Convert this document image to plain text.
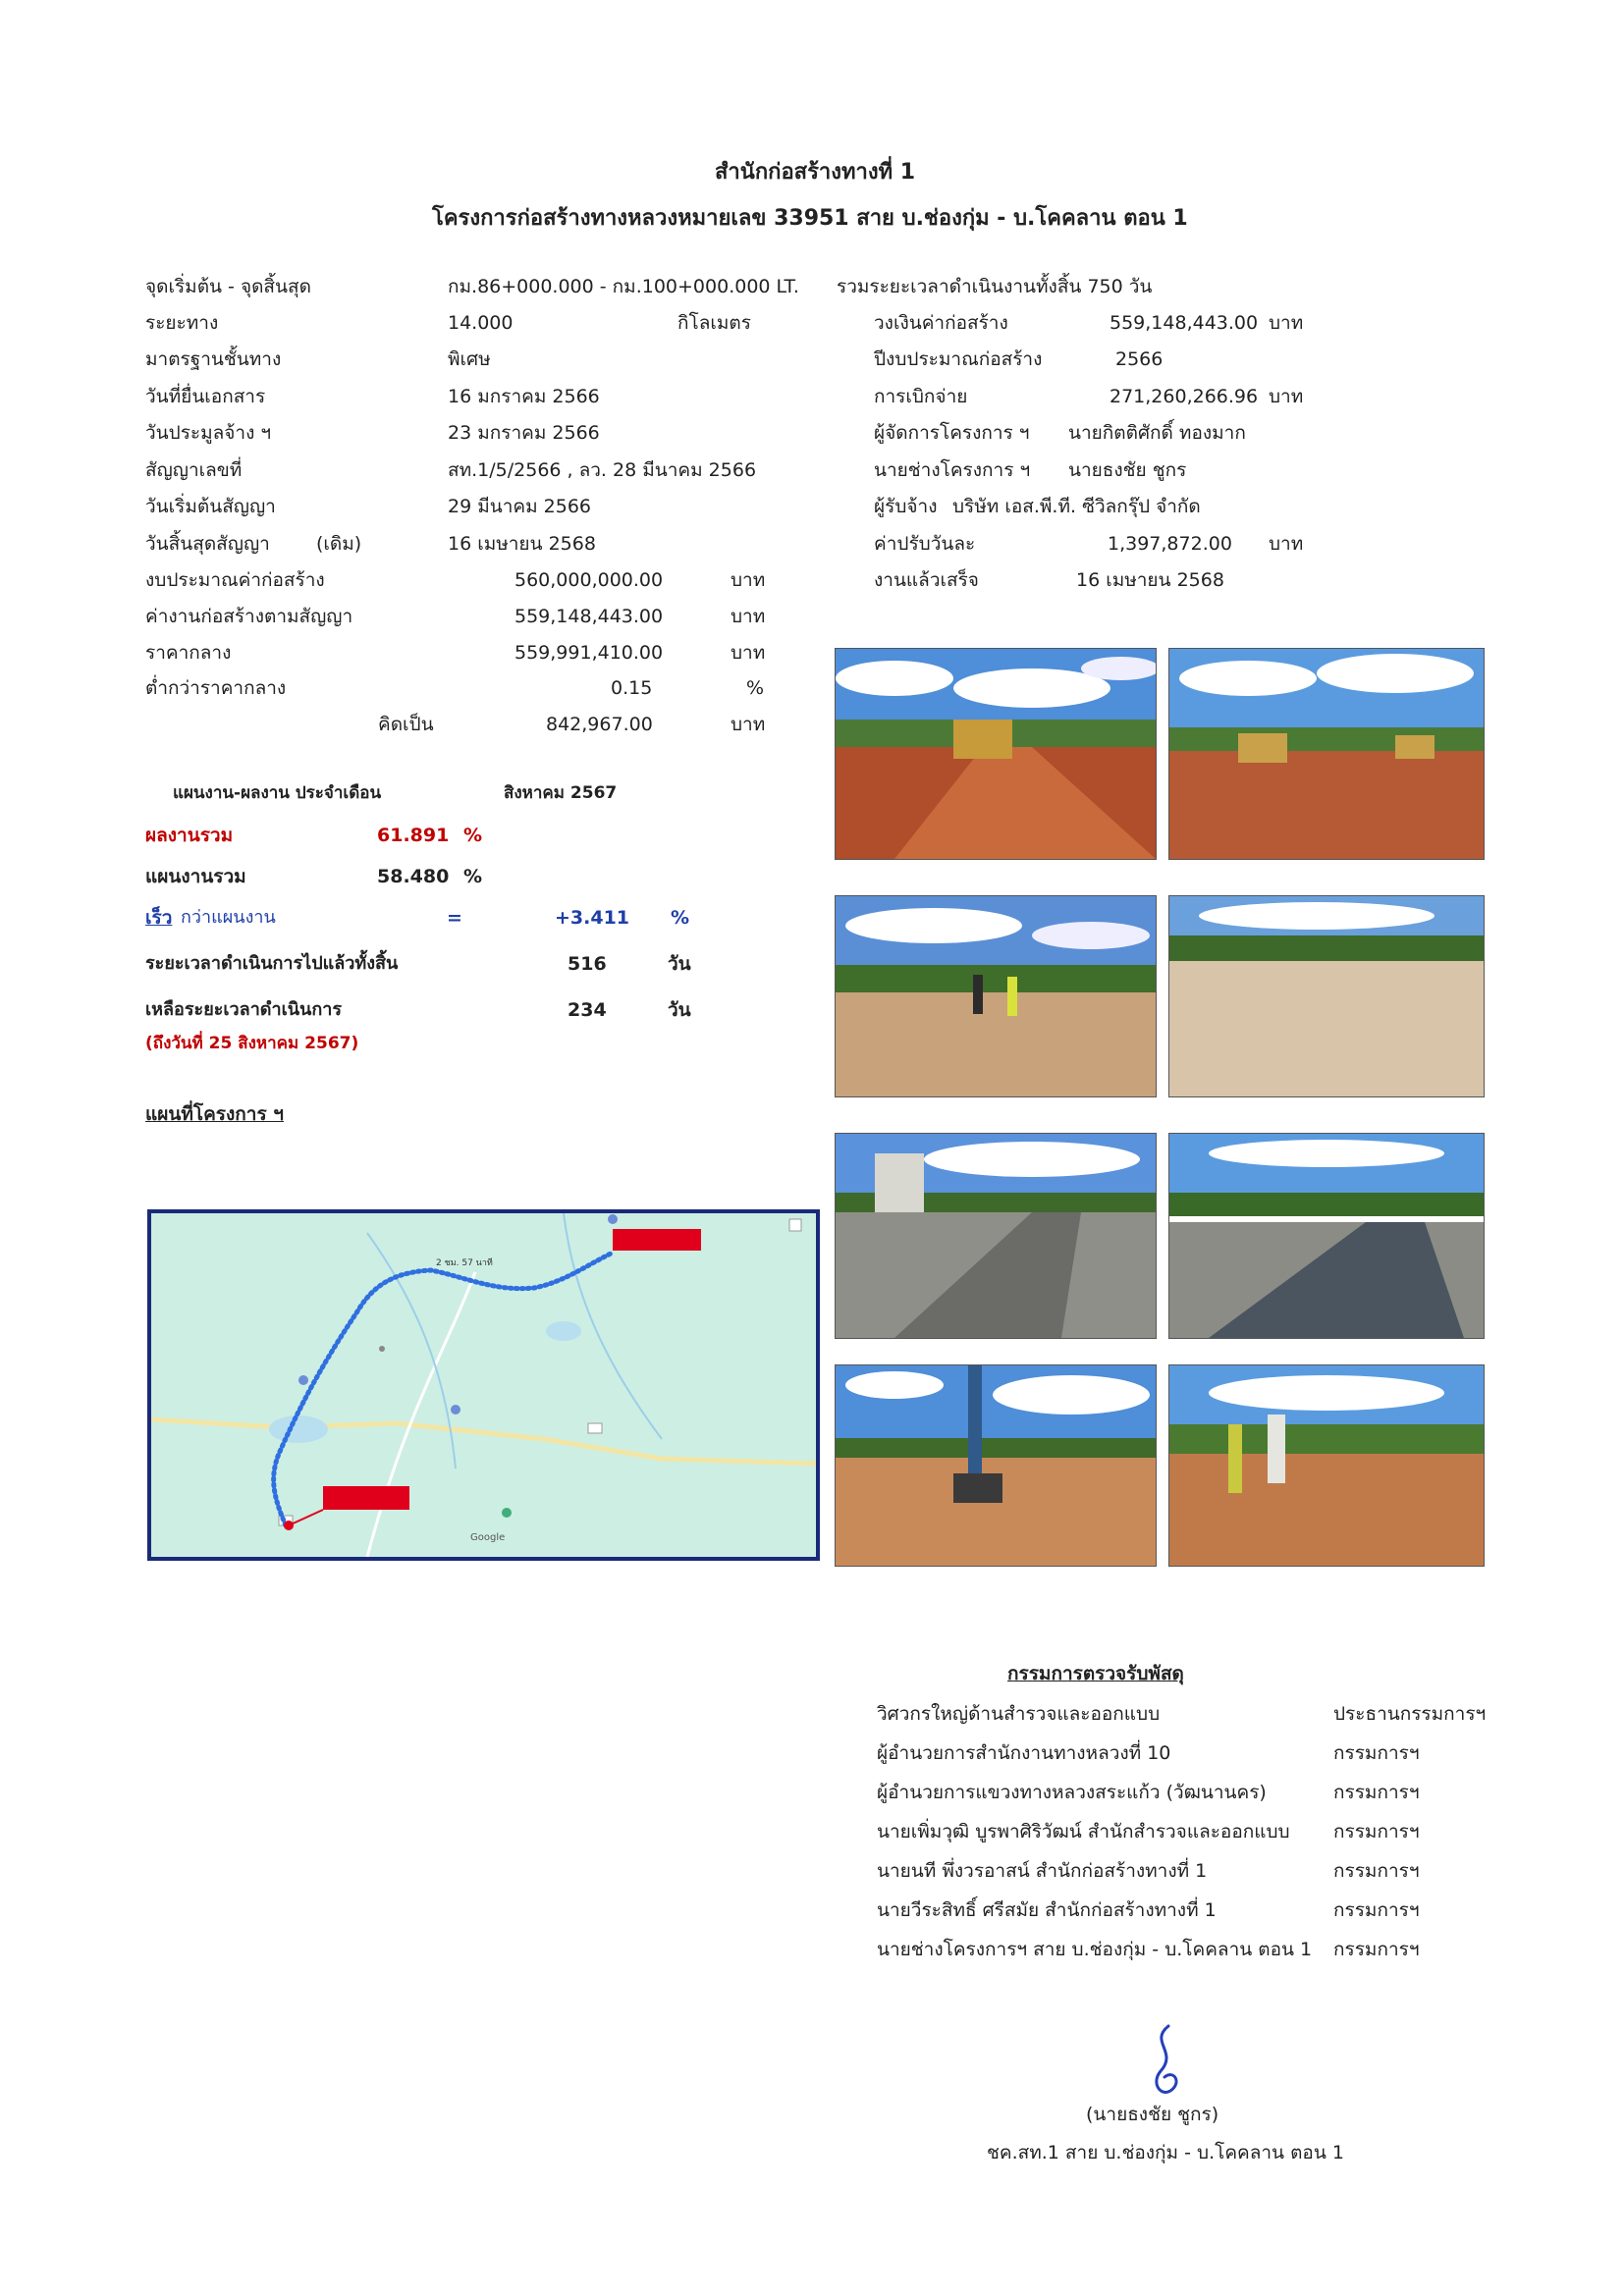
สำนักก่อสร้างทางที่ 1
โครงการก่อสร้างทางหลวงหมายเลข 33951 สาย บ.ช่องกุ่ม - บ.โคคลาน ตอน 1
จุดเริ่มต้น - จุดสิ้นสุด	กม.86+000.000 - กม.100+000.000 LT.
ระยะทาง	14.000	กิโลเมตร
มาตรฐานชั้นทาง	พิเศษ
วันที่ยื่นเอกสาร	16 มกราคม 2566
วันประมูลจ้าง ฯ	23 มกราคม 2566
สัญญาเลขที่	สท.1/5/2566 , ลว. 28 มีนาคม 2566
วันเริ่มต้นสัญญา	29 มีนาคม 2566
วันสิ้นสุดสัญญา (เดิม)	16 เมษายน 2568
งบประมาณค่าก่อสร้าง	560,000,000.00	บาท
ค่างานก่อสร้างตามสัญญา	559,148,443.00	บาท
ราคากลาง	559,991,410.00	บาท
ต่ำกว่าราคากลาง	0.15	%
คิดเป็น	842,967.00	บาท
รวมระยะเวลาดำเนินงานทั้งสิ้น 750 วัน
วงเงินค่าก่อสร้าง	559,148,443.00 บาท
ปีงบประมาณก่อสร้าง	2566
การเบิกจ่าย	271,260,266.96 บาท
ผู้จัดการโครงการ ฯ นายกิตติศักดิ์ ทองมาก
นายช่างโครงการ ฯ นายธงชัย ชูกร
ผู้รับจ้าง บริษัท เอส.พี.ที. ซีวิลกรุ๊ป จำกัด
ค่าปรับวันละ	1,397,872.00 บาท
งานแล้วเสร็จ	16 เมษายน 2568
แผนงาน-ผลงาน ประจำเดือน	สิงหาคม 2567
ผลงานรวม	61.891 %
แผนงานรวม	58.480 %
เร็ว กว่าแผนงาน	=	+3.411 %
ระยะเวลาดำเนินการไปแล้วทั้งสิ้น	516	วัน
เหลือระยะเวลาดำเนินการ	234	วัน
(ถึงวันที่ 25 สิงหาคม 2567)
แผนที่โครงการ ฯ
2 ชม. 57 นาที
Google
กรรมการตรวจรับพัสดุ
วิศวกรใหญ่ด้านสำรวจและออกแบบ	ประธานกรรมการฯ
ผู้อำนวยการสำนักงานทางหลวงที่ 10	กรรมการฯ
ผู้อำนวยการแขวงทางหลวงสระแก้ว (วัฒนานคร)	กรรมการฯ
นายเพิ่มวุฒิ บูรพาศิริวัฒน์ สำนักสำรวจและออกแบบ กรรมการฯ
นายนที พึ่งวรอาสน์ สำนักก่อสร้างทางที่ 1	กรรมการฯ
นายวีระสิทธิ์ ศรีสมัย สำนักก่อสร้างทางที่ 1	กรรมการฯ
นายช่างโครงการฯ สาย บ.ช่องกุ่ม - บ.โคคลาน ตอน 1 กรรมการฯ
(นายธงชัย ชูกร)
ชค.สท.1 สาย บ.ช่องกุ่ม - บ.โคคลาน ตอน 1
